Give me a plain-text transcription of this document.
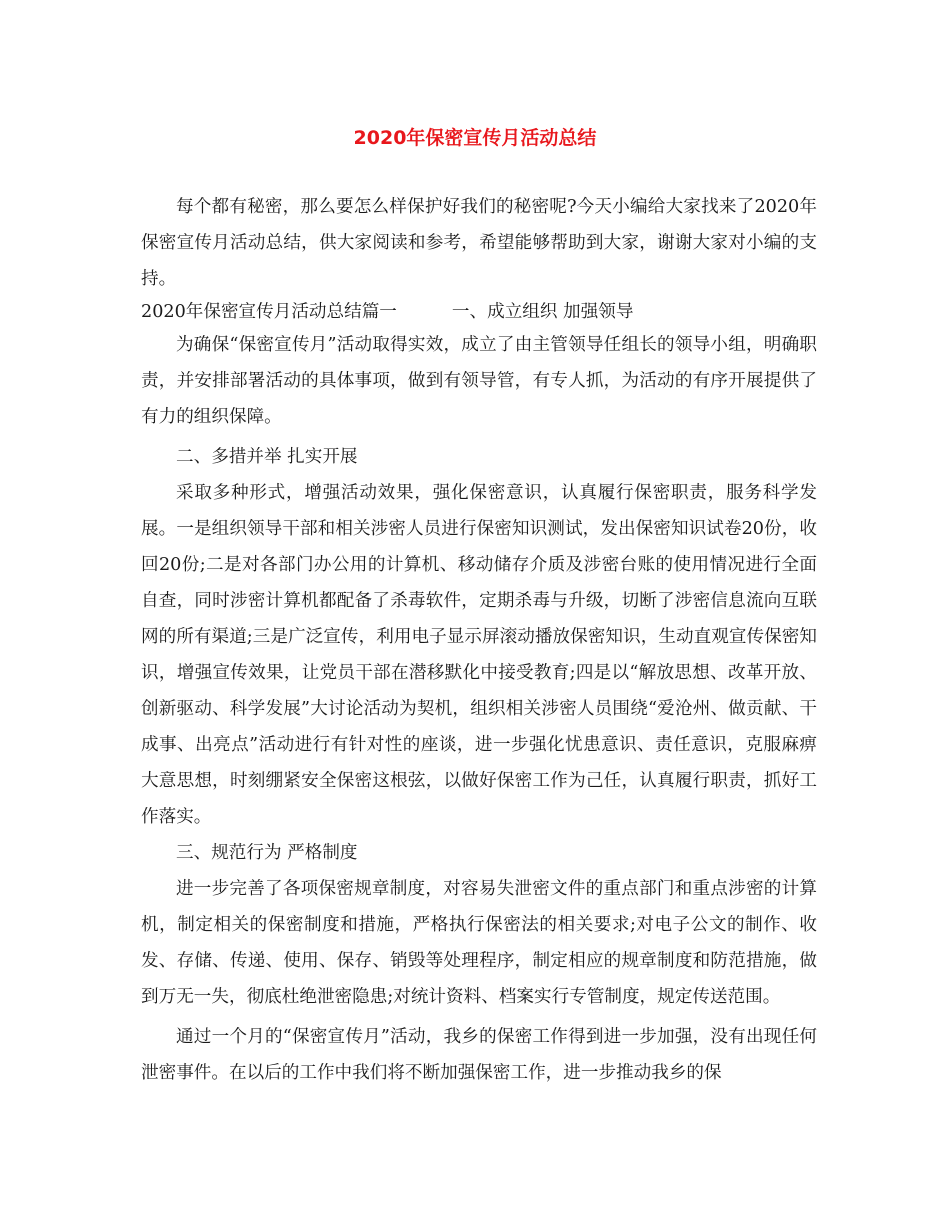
2020年保密宣传月活动总结

每个都有秘密，那么要怎么样保护好我们的秘密呢?今天小编给大家找来了2020年保密宣传月活动总结，供大家阅读和参考，希望能够帮助到大家，谢谢大家对小编的支持。

2020年保密宣传月活动总结篇一	一、成立组织 加强领导

为确保“保密宣传月”活动取得实效，成立了由主管领导任组长的领导小组，明确职责，并安排部署活动的具体事项，做到有领导管，有专人抓，为活动的有序开展提供了有力的组织保障。

二、多措并举 扎实开展

采取多种形式，增强活动效果，强化保密意识，认真履行保密职责，服务科学发展。一是组织领导干部和相关涉密人员进行保密知识测试，发出保密知识试卷20份，收回20份;二是对各部门办公用的计算机、移动储存介质及涉密台账的使用情况进行全面自查，同时涉密计算机都配备了杀毒软件，定期杀毒与升级，切断了涉密信息流向互联网的所有渠道;三是广泛宣传，利用电子显示屏滚动播放保密知识，生动直观宣传保密知识，增强宣传效果，让党员干部在潜移默化中接受教育;四是以“解放思想、改革开放、创新驱动、科学发展”大讨论活动为契机，组织相关涉密人员围绕“爱沧州、做贡献、干成事、出亮点”活动进行有针对性的座谈，进一步强化忧患意识、责任意识，克服麻痹大意思想，时刻绷紧安全保密这根弦，以做好保密工作为己任，认真履行职责，抓好工作落实。

三、规范行为 严格制度

进一步完善了各项保密规章制度，对容易失泄密文件的重点部门和重点涉密的计算机，制定相关的保密制度和措施，严格执行保密法的相关要求;对电子公文的制作、收发、存储、传递、使用、保存、销毁等处理程序，制定相应的规章制度和防范措施，做到万无一失，彻底杜绝泄密隐患;对统计资料、档案实行专管制度，规定传送范围。

通过一个月的“保密宣传月”活动，我乡的保密工作得到进一步加强，没有出现任何泄密事件。在以后的工作中我们将不断加强保密工作，进一步推动我乡的保
